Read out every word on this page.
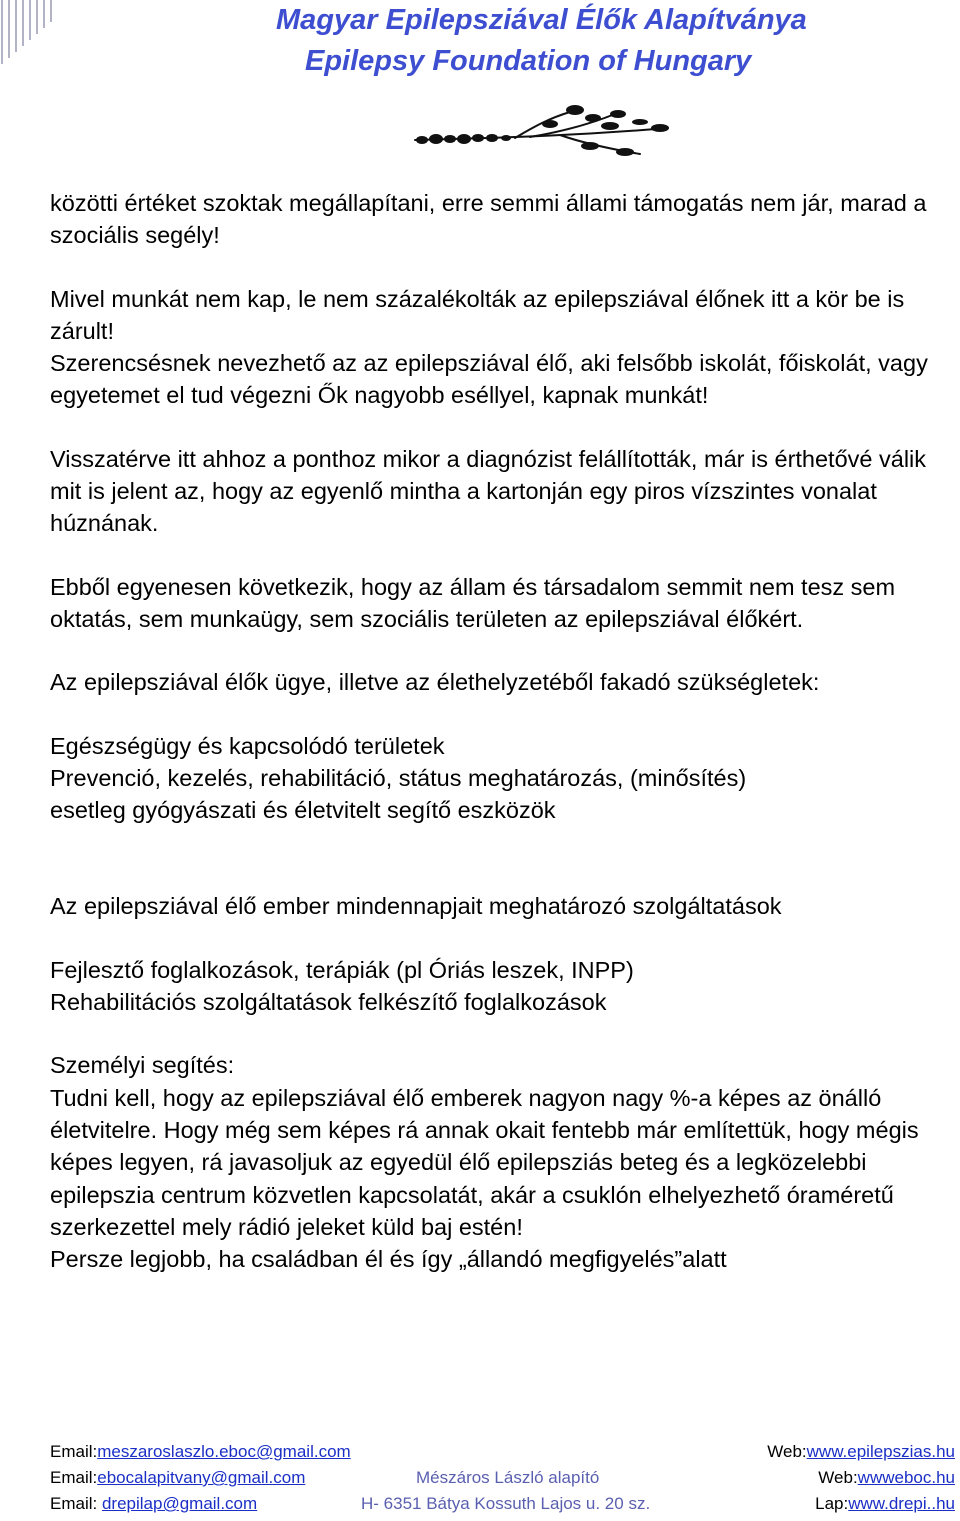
Magyar Epilepsziával Élők Alapítványa
Epilepsy Foundation of Hungary

közötti értéket szoktak megállapítani, erre semmi állami támogatás nem jár, marad a szociális segély!

Mivel munkát nem kap, le nem százalékolták az epilepsziával élőnek itt a kör be is zárult!

Szerencsésnek nevezhető az az epilepsziával élő, aki felsőbb iskolát, főiskolát, vagy egyetemet el tud végezni Ők nagyobb eséllyel, kapnak munkát!

Visszatérve itt ahhoz a ponthoz mikor a diagnózist felállították, már is érthetővé válik mit is jelent az, hogy az egyenlő mintha a kartonján egy piros vízszintes vonalat húznának.

Ebből egyenesen következik, hogy az állam és társadalom semmit nem tesz sem oktatás, sem munkaügy, sem szociális területen az epilepsziával élőkért.

Az epilepsziával élők ügye, illetve az élethelyzetéből fakadó szükségletek:

Egészségügy és kapcsolódó területek

Prevenció, kezelés, rehabilitáció, státus meghatározás, (minősítés)

esetleg gyógyászati és életvitelt segítő eszközök

Az epilepsziával élő ember mindennapjait meghatározó szolgáltatások

Fejlesztő foglalkozások, terápiák (pl Óriás leszek, INPP)

Rehabilitációs szolgáltatások felkészítő foglalkozások

Személyi segítés:

Tudni kell, hogy az epilepsziával élő emberek nagyon nagy %-a képes az önálló életvitelre. Hogy még sem képes rá annak okait fentebb már említettük, hogy mégis képes legyen, rá javasoljuk az egyedül élő epilepsziás beteg és a legközelebbi epilepszia centrum közvetlen kapcsolatát, akár a csuklón elhelyezhető óraméretű szerkezettel mely rádió jeleket küld baj estén!

Persze legjobb, ha családban él és így „állandó megfigyelés”alatt

Email:meszaroslaszlo.eboc@gmail.com	Web:www.epilepszias.hu
Email:ebocalapitvany@gmail.com	Mészáros László alapító	Web:wwweboc.hu
Email: drepilap@gmail.com	H- 6351 Bátya Kossuth Lajos u. 20 sz.	Lap:www.drepi..hu
